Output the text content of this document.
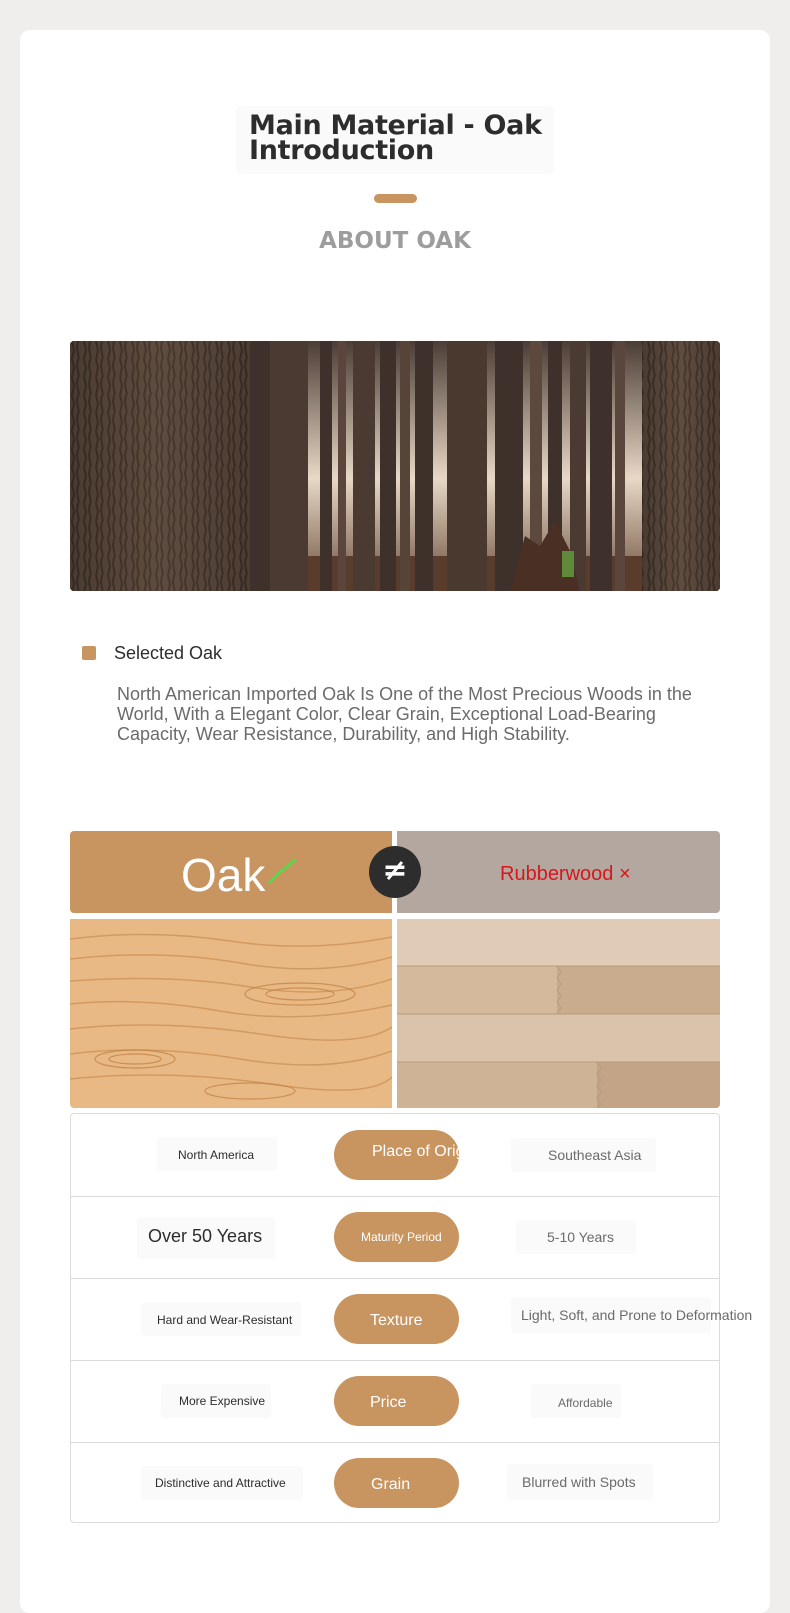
Main Material - Oak Introduction
ABOUT OAK
Selected Oak
North American Imported Oak Is One of the Most Precious Woods in the World, With a Elegant Color, Clear Grain, Exceptional Load-Bearing Capacity, Wear Resistance, Durability, and High Stability.
Oak	Rubberwood ×
≠
North America	Place of Origin	Southeast Asia
Over 50 Years	Maturity Period	5-10 Years
Hard and Wear-Resistant	Texture	Light, Soft, and Prone to Deformation
More Expensive	Price	Affordable
Distinctive and Attractive	Grain	Blurred with Spots
